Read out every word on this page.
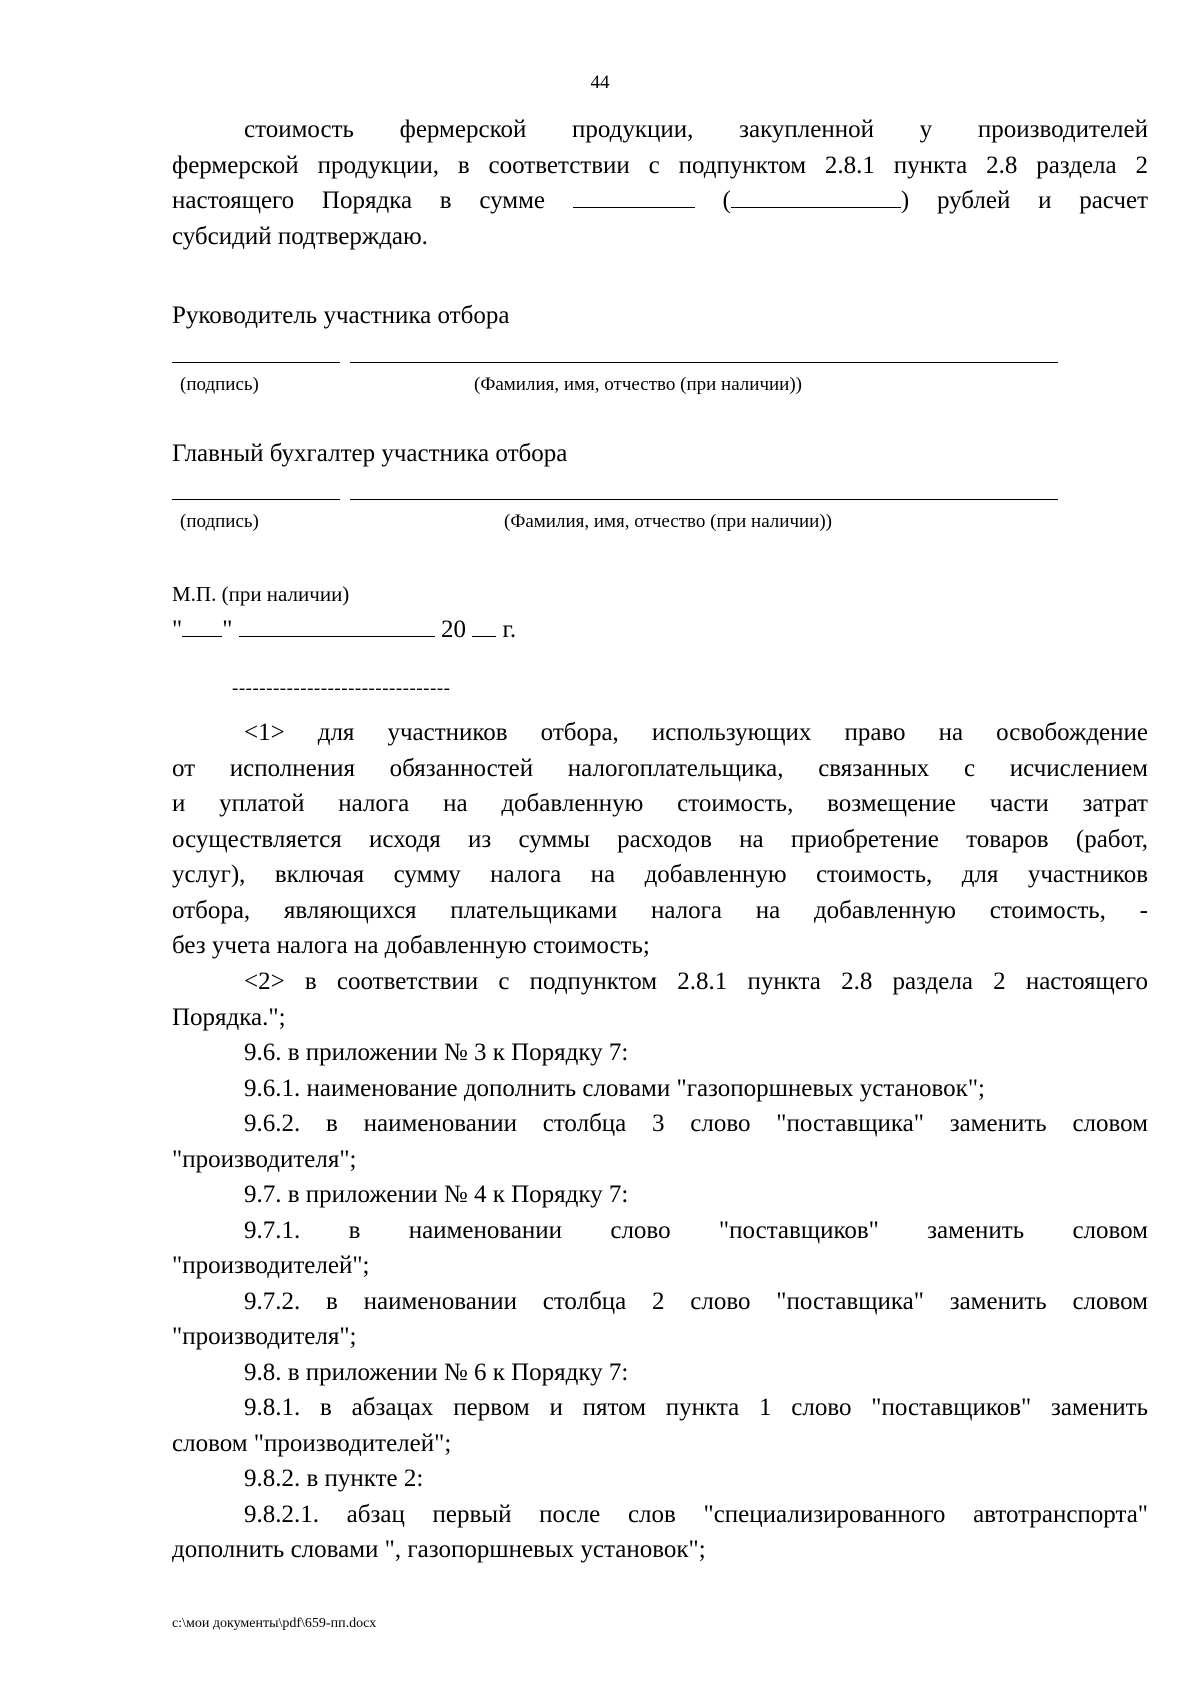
44
стоимость фермерской продукции, закупленной у производителей
фермерской продукции, в соответствии с подпунктом 2.8.1 пункта 2.8 раздела 2
настоящего Порядка в сумме	(	) рублей и расчет
субсидий подтверждаю.
Руководитель участника отбора
(подпись)	(Фамилия, имя, отчество (при наличии))
Главный бухгалтер участника отбора
(подпись)	(Фамилия, имя, отчество (при наличии))
М.П. (при наличии)
" "	20 г.
--------------------------------
<1> для участников отбора, использующих право на освобождение
от исполнения обязанностей налогоплательщика, связанных с исчислением
и уплатой налога на добавленную стоимость, возмещение части затрат
осуществляется исходя из суммы расходов на приобретение товаров (работ,
услуг), включая сумму налога на добавленную стоимость, для участников
отбора, являющихся плательщиками налога на добавленную стоимость, -
без учета налога на добавленную стоимость;
<2> в соответствии с подпунктом 2.8.1 пункта 2.8 раздела 2 настоящего
Порядка.";
9.6. в приложении № 3 к Порядку 7:
9.6.1. наименование дополнить словами "газопоршневых установок";
9.6.2. в наименовании столбца 3 слово "поставщика" заменить словом
"производителя";
9.7. в приложении № 4 к Порядку 7:
9.7.1. в наименовании слово "поставщиков" заменить словом
"производителей";
9.7.2. в наименовании столбца 2 слово "поставщика" заменить словом
"производителя";
9.8. в приложении № 6 к Порядку 7:
9.8.1. в абзацах первом и пятом пункта 1 слово "поставщиков" заменить
словом "производителей";
9.8.2. в пункте 2:
9.8.2.1. абзац первый после слов "специализированного автотранспорта"
дополнить словами ", газопоршневых установок";
c:\мои документы\pdf\659-пп.docx
